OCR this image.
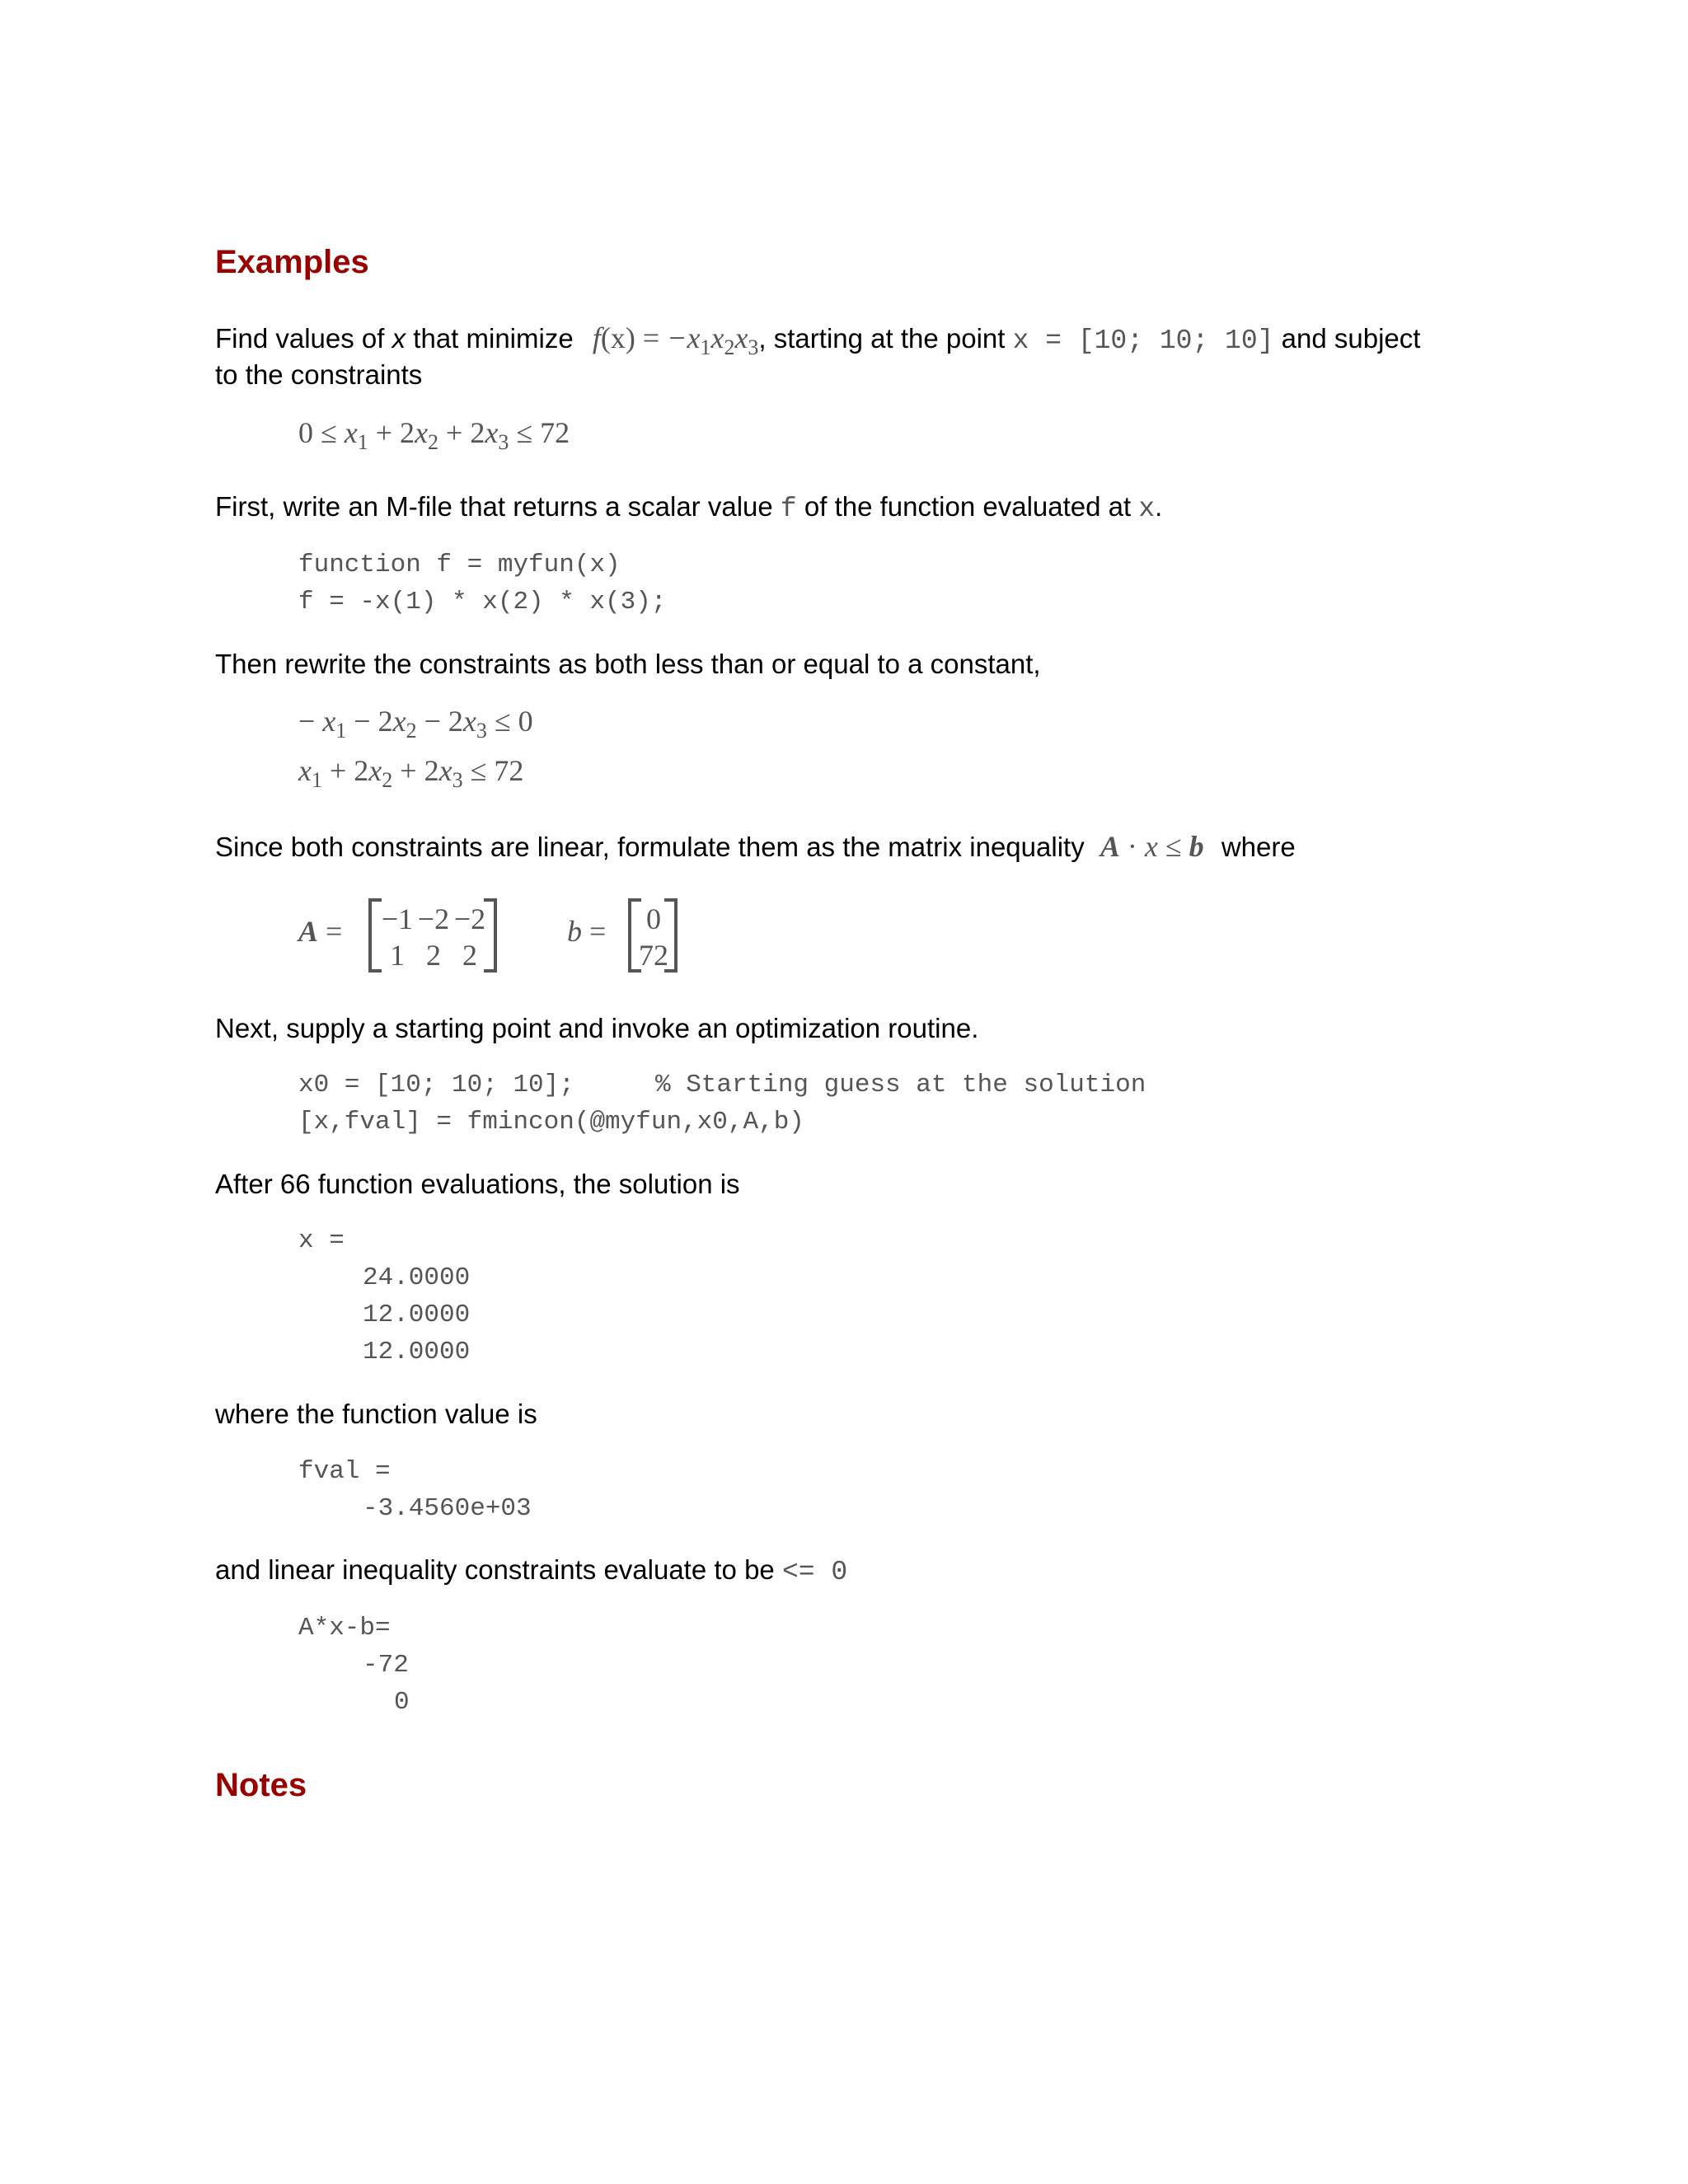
Examples
Find values of x that minimize $f(x) = -x_1x_2x_3$, starting at the point x = [10; 10; 10] and subject
to the constraints
$0 \le x_1 + 2x_2 + 2x_3 \le 72$
First, write an M-file that returns a scalar value f of the function evaluated at x.
function f = myfun(x)
f = -x(1) * x(2) * x(3);
Then rewrite the constraints as both less than or equal to a constant,
− $x_1 - 2x_2 - 2x_3 \le 0$
$x_1 + 2x_2 + 2x_3 \le 72$
Since both constraints are linear, formulate them as the matrix inequality A · x ≤ b where
A = −1 −2 −2
1 2 2
b =	0
72
Next, supply a starting point and invoke an optimization routine.
x0 = [10; 10; 10];	% Starting guess at the solution
[x,fval] = fmincon(@myfun,x0,A,b)
After 66 function evaluations, the solution is
x =
24.0000
12.0000
12.0000
where the function value is
fval =
-3.4560e+03
and linear inequality constraints evaluate to be <= 0
A*x-b=
-72
0
Notes
